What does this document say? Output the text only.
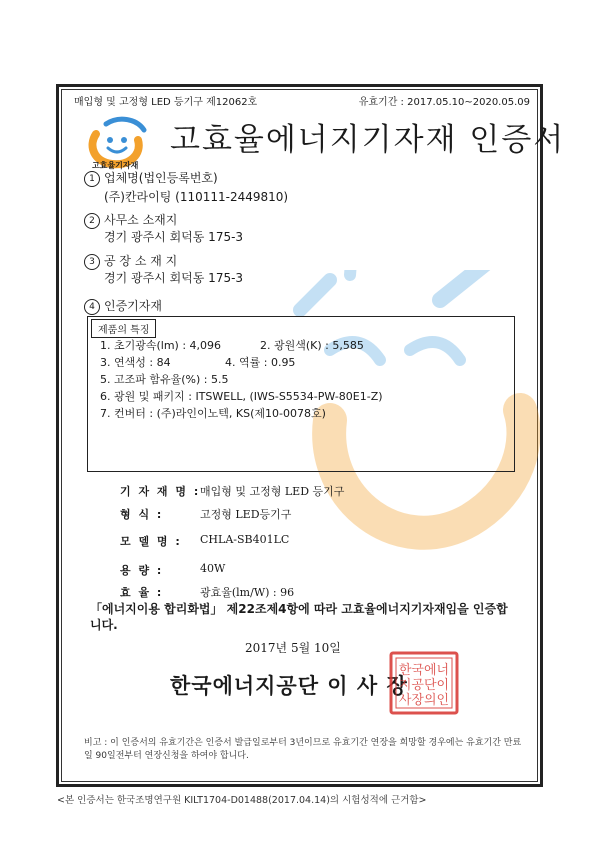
매입형 및 고정형 LED 등기구 제12062호	유효기간 : 2017.05.10~2020.05.09
고효율기자재
고효율에너지기자재 인증서
1 업체명(법인등록번호)
(주)칸라이팅 (110111-2449810)
2 사무소 소재지
경기 광주시 회덕동 175-3
3 공 장 소 재 지
경기 광주시 회덕동 175-3
4 인증기자재
제품의 특징
1. 초기광속(lm) : 4,096	2. 광원색(K) : 5,585
3. 연색성 : 84	4. 역률 : 0.95
5. 고조파 함유율(%) : 5.5
6. 광원 및 패키지 : ITSWELL, (IWS-S5534-PW-80E1-Z)
7. 컨버터 : (주)라인이노텍, KS(제10-0078호)
기 자 재 명 : 매입형 및 고정형 LED 등기구
형 식 :	고정형 LED등기구
모 델 명 : CHLA-SB401LC
용 량 :	40W
효 율 :	광효율(lm/W) : 96
「에너지이용 합리화법」 제22조제4항에 따라 고효율에너지기자재임을 인증합니다.
2017년 5월 10일
한국에너지공단 이 사 장
한국에너
지공단이
사장의인
비고 : 이 인증서의 유효기간은 인증서 발급일로부터 3년이므로 유효기간 연장을 희망할 경우에는 유효기간 만료일 90일전부터 연장신청을 하여야 합니다.
<본 인증서는 한국조명연구원 KILT1704-D01488(2017.04.14)의 시험성적에 근거함>
